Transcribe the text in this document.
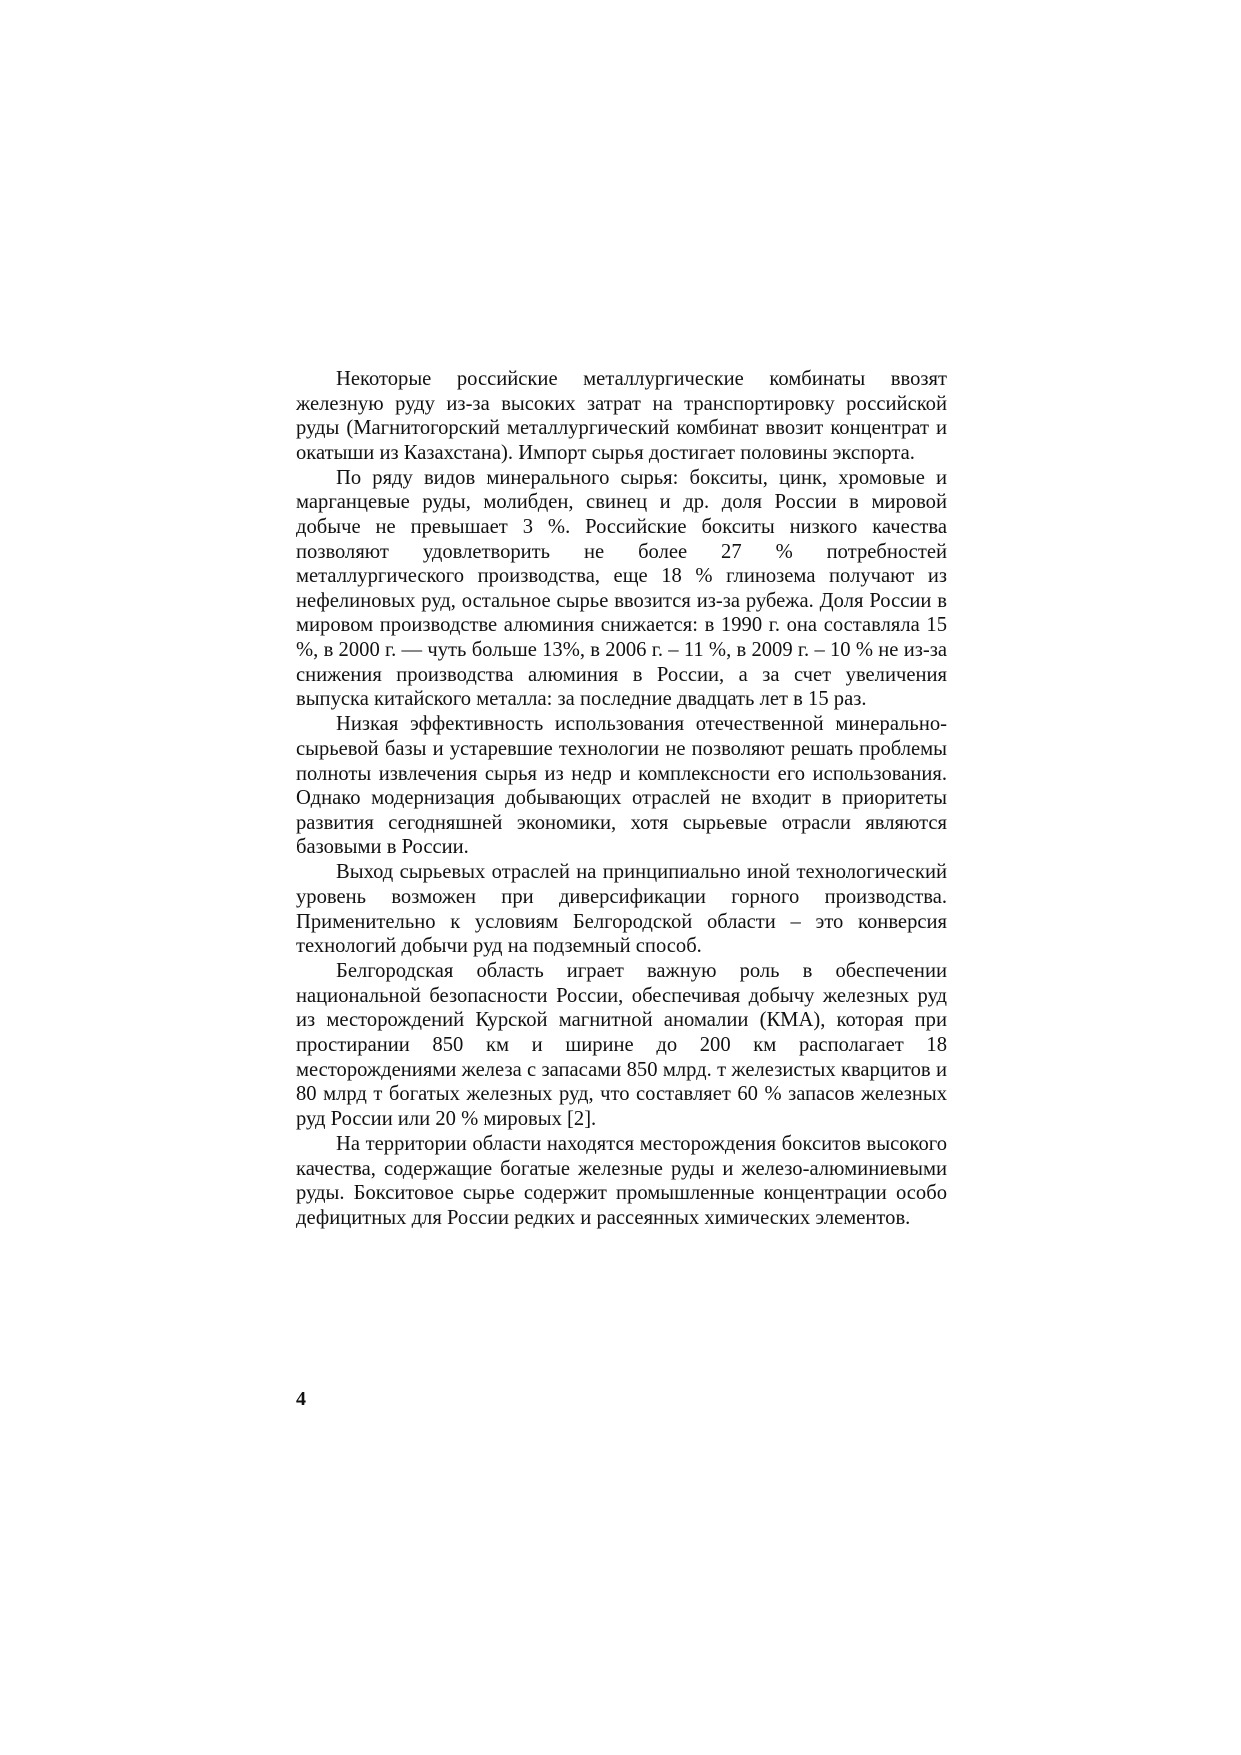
Некоторые российские металлургические комбинаты ввозят железную руду из-за высоких затрат на транспортировку российской руды (Магнитогорский металлургический комбинат ввозит концентрат и окатыши из Казахстана). Импорт сырья достигает половины экспорта.

По ряду видов минерального сырья: бокситы, цинк, хромовые и марганцевые руды, молибден, свинец и др. доля России в мировой добыче не превышает 3 %. Российские бокситы низкого качества позволяют удовлетворить не более 27 % потребностей металлургического производства, еще 18 % глинозема получают из нефелиновых руд, остальное сырье ввозится из-за рубежа. Доля России в мировом производстве алюминия снижается: в 1990 г. она составляла 15 %, в 2000 г. — чуть больше 13%, в 2006 г. – 11 %, в 2009 г. – 10 % не из-за снижения производства алюминия в России, а за счет увеличения выпуска китайского металла: за последние двадцать лет в 15 раз.

Низкая эффективность использования отечественной минерально-сырьевой базы и устаревшие технологии не позволяют решать проблемы полноты извлечения сырья из недр и комплексности его использования. Однако модернизация добывающих отраслей не входит в приоритеты развития сегодняшней экономики, хотя сырьевые отрасли являются базовыми в России.

Выход сырьевых отраслей на принципиально иной технологический уровень возможен при диверсификации горного производства. Применительно к условиям Белгородской области – это конверсия технологий добычи руд на подземный способ.

Белгородская область играет важную роль в обеспечении национальной безопасности России, обеспечивая добычу железных руд из месторождений Курской магнитной аномалии (КМА), которая при простирании 850 км и ширине до 200 км располагает 18 месторождениями железа с запасами 850 млрд. т железистых кварцитов и 80 млрд т богатых железных руд, что составляет 60 % запасов железных руд России или 20 % мировых [2].

На территории области находятся месторождения бокситов высокого качества, содержащие богатые железные руды и железо-алюминиевыми руды. Бокситовое сырье содержит промышленные концентрации особо дефицитных для России редких и рассеянных химических элементов.

4
